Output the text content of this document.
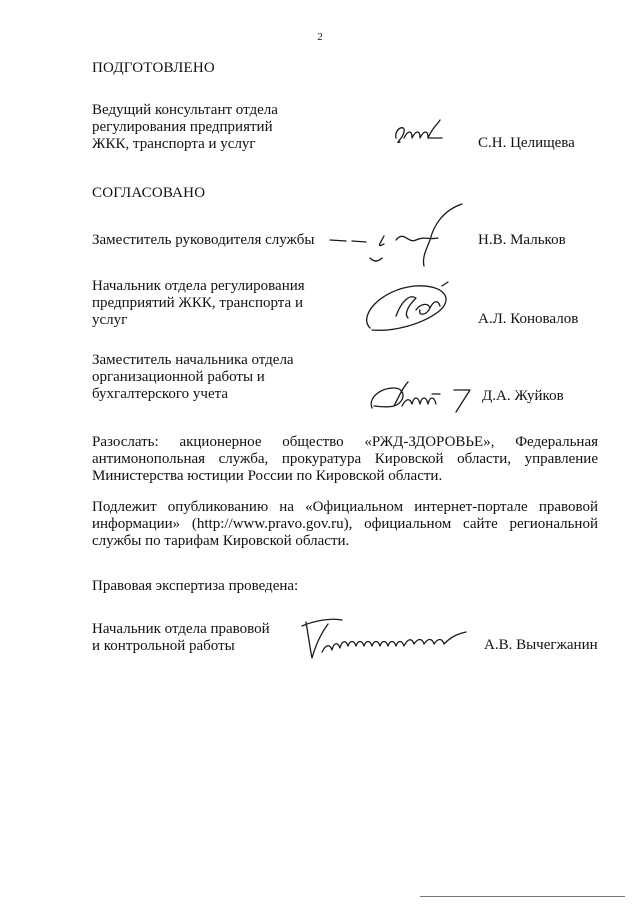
2
ПОДГОТОВЛЕНО
Ведущий консультант отдела
регулирования предприятий
ЖКК, транспорта и услуг	С.Н. Целищева
СОГЛАСОВАНО
Заместитель руководителя службы	Н.В. Мальков
Начальник отдела регулирования
предприятий ЖКК, транспорта и
услуг	А.Л. Коновалов
Заместитель начальника отдела
организационной работы и
бухгалтерского учета	Д.А. Жуйков
Разослать: акционерное общество «РЖД-ЗДОРОВЬЕ», Федеральная антимонопольная служба, прокуратура Кировской области, управление Министерства юстиции России по Кировской области.
Подлежит опубликованию на «Официальном интернет-портале правовой информации» (http://www.pravo.gov.ru), официальном сайте региональной службы по тарифам Кировской области.
Правовая экспертиза проведена:
Начальник отдела правовой
и контрольной работы	А.В. Вычегжанин
